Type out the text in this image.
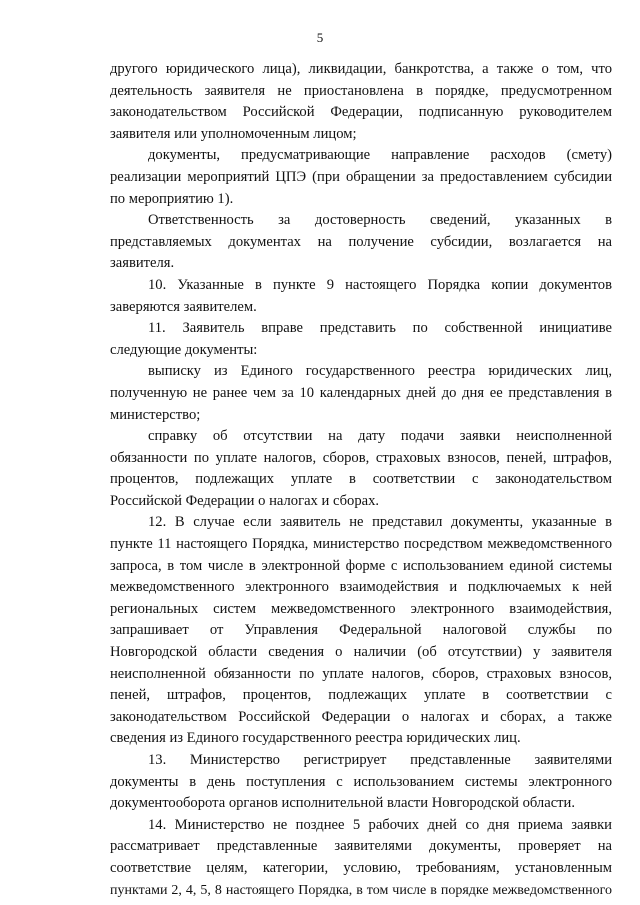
5
другого юридического лица), ликвидации, банкротства, а также о том, что
деятельность заявителя не приостановлена в порядке, предусмотренном
законодательством Российской Федерации, подписанную руководителем
заявителя или уполномоченным лицом;
документы, предусматривающие направление расходов (смету)
реализации мероприятий ЦПЭ (при обращении за предоставлением субсидии
по мероприятию 1).
Ответственность за достоверность сведений, указанных в
представляемых документах на получение субсидии, возлагается на
заявителя.
10. Указанные в пункте 9 настоящего Порядка копии документов
заверяются заявителем.
11. Заявитель вправе представить по собственной инициативе
следующие документы:
выписку из Единого государственного реестра юридических лиц,
полученную не ранее чем за 10 календарных дней до дня ее представления в
министерство;
справку об отсутствии на дату подачи заявки неисполненной
обязанности по уплате налогов, сборов, страховых взносов, пеней, штрафов,
процентов, подлежащих уплате в соответствии с законодательством
Российской Федерации о налогах и сборах.
12. В случае если заявитель не представил документы, указанные в
пункте 11 настоящего Порядка, министерство посредством межведомственного
запроса, в том числе в электронной форме с использованием единой системы
межведомственного электронного взаимодействия и подключаемых к ней
региональных систем межведомственного электронного взаимодействия,
запрашивает от Управления Федеральной налоговой службы по
Новгородской области сведения о наличии (об отсутствии) у заявителя
неисполненной обязанности по уплате налогов, сборов, страховых взносов,
пеней, штрафов, процентов, подлежащих уплате в соответствии с
законодательством Российской Федерации о налогах и сборах, а также
сведения из Единого государственного реестра юридических лиц.
13. Министерство регистрирует представленные заявителями
документы в день поступления с использованием системы электронного
документооборота органов исполнительной власти Новгородской области.
14. Министерство не позднее 5 рабочих дней со дня приема заявки
рассматривает представленные заявителями документы, проверяет на
соответствие целям, категории, условию, требованиям, установленным
пунктами 2, 4, 5, 8 настоящего Порядка, в том числе в порядке межведомственного
